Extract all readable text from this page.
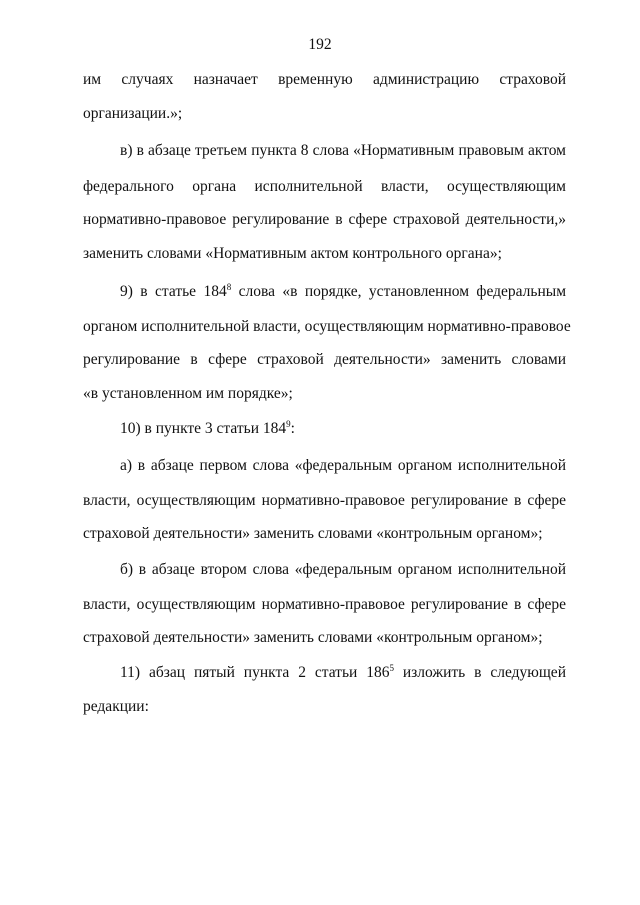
192
им случаях назначает временную администрацию страховой
организации.»;
в) в абзаце третьем пункта 8 слова «Нормативным правовым актом
федерального органа исполнительной власти, осуществляющим
нормативно-правовое регулирование в сфере страховой деятельности,»
заменить словами «Нормативным актом контрольного органа»;
9) в статье $184^8$ слова «в порядке, установленном федеральным
органом исполнительной власти, осуществляющим нормативно-правовое
регулирование в сфере страховой деятельности» заменить словами
«в установленном им порядке»;
10) в пункте 3 статьи $184^9$:
а) в абзаце первом слова «федеральным органом исполнительной
власти, осуществляющим нормативно-правовое регулирование в сфере
страховой деятельности» заменить словами «контрольным органом»;
б) в абзаце втором слова «федеральным органом исполнительной
власти, осуществляющим нормативно-правовое регулирование в сфере
страховой деятельности» заменить словами «контрольным органом»;
11) абзац пятый пункта 2 статьи $186^5$ изложить в следующей
редакции:
